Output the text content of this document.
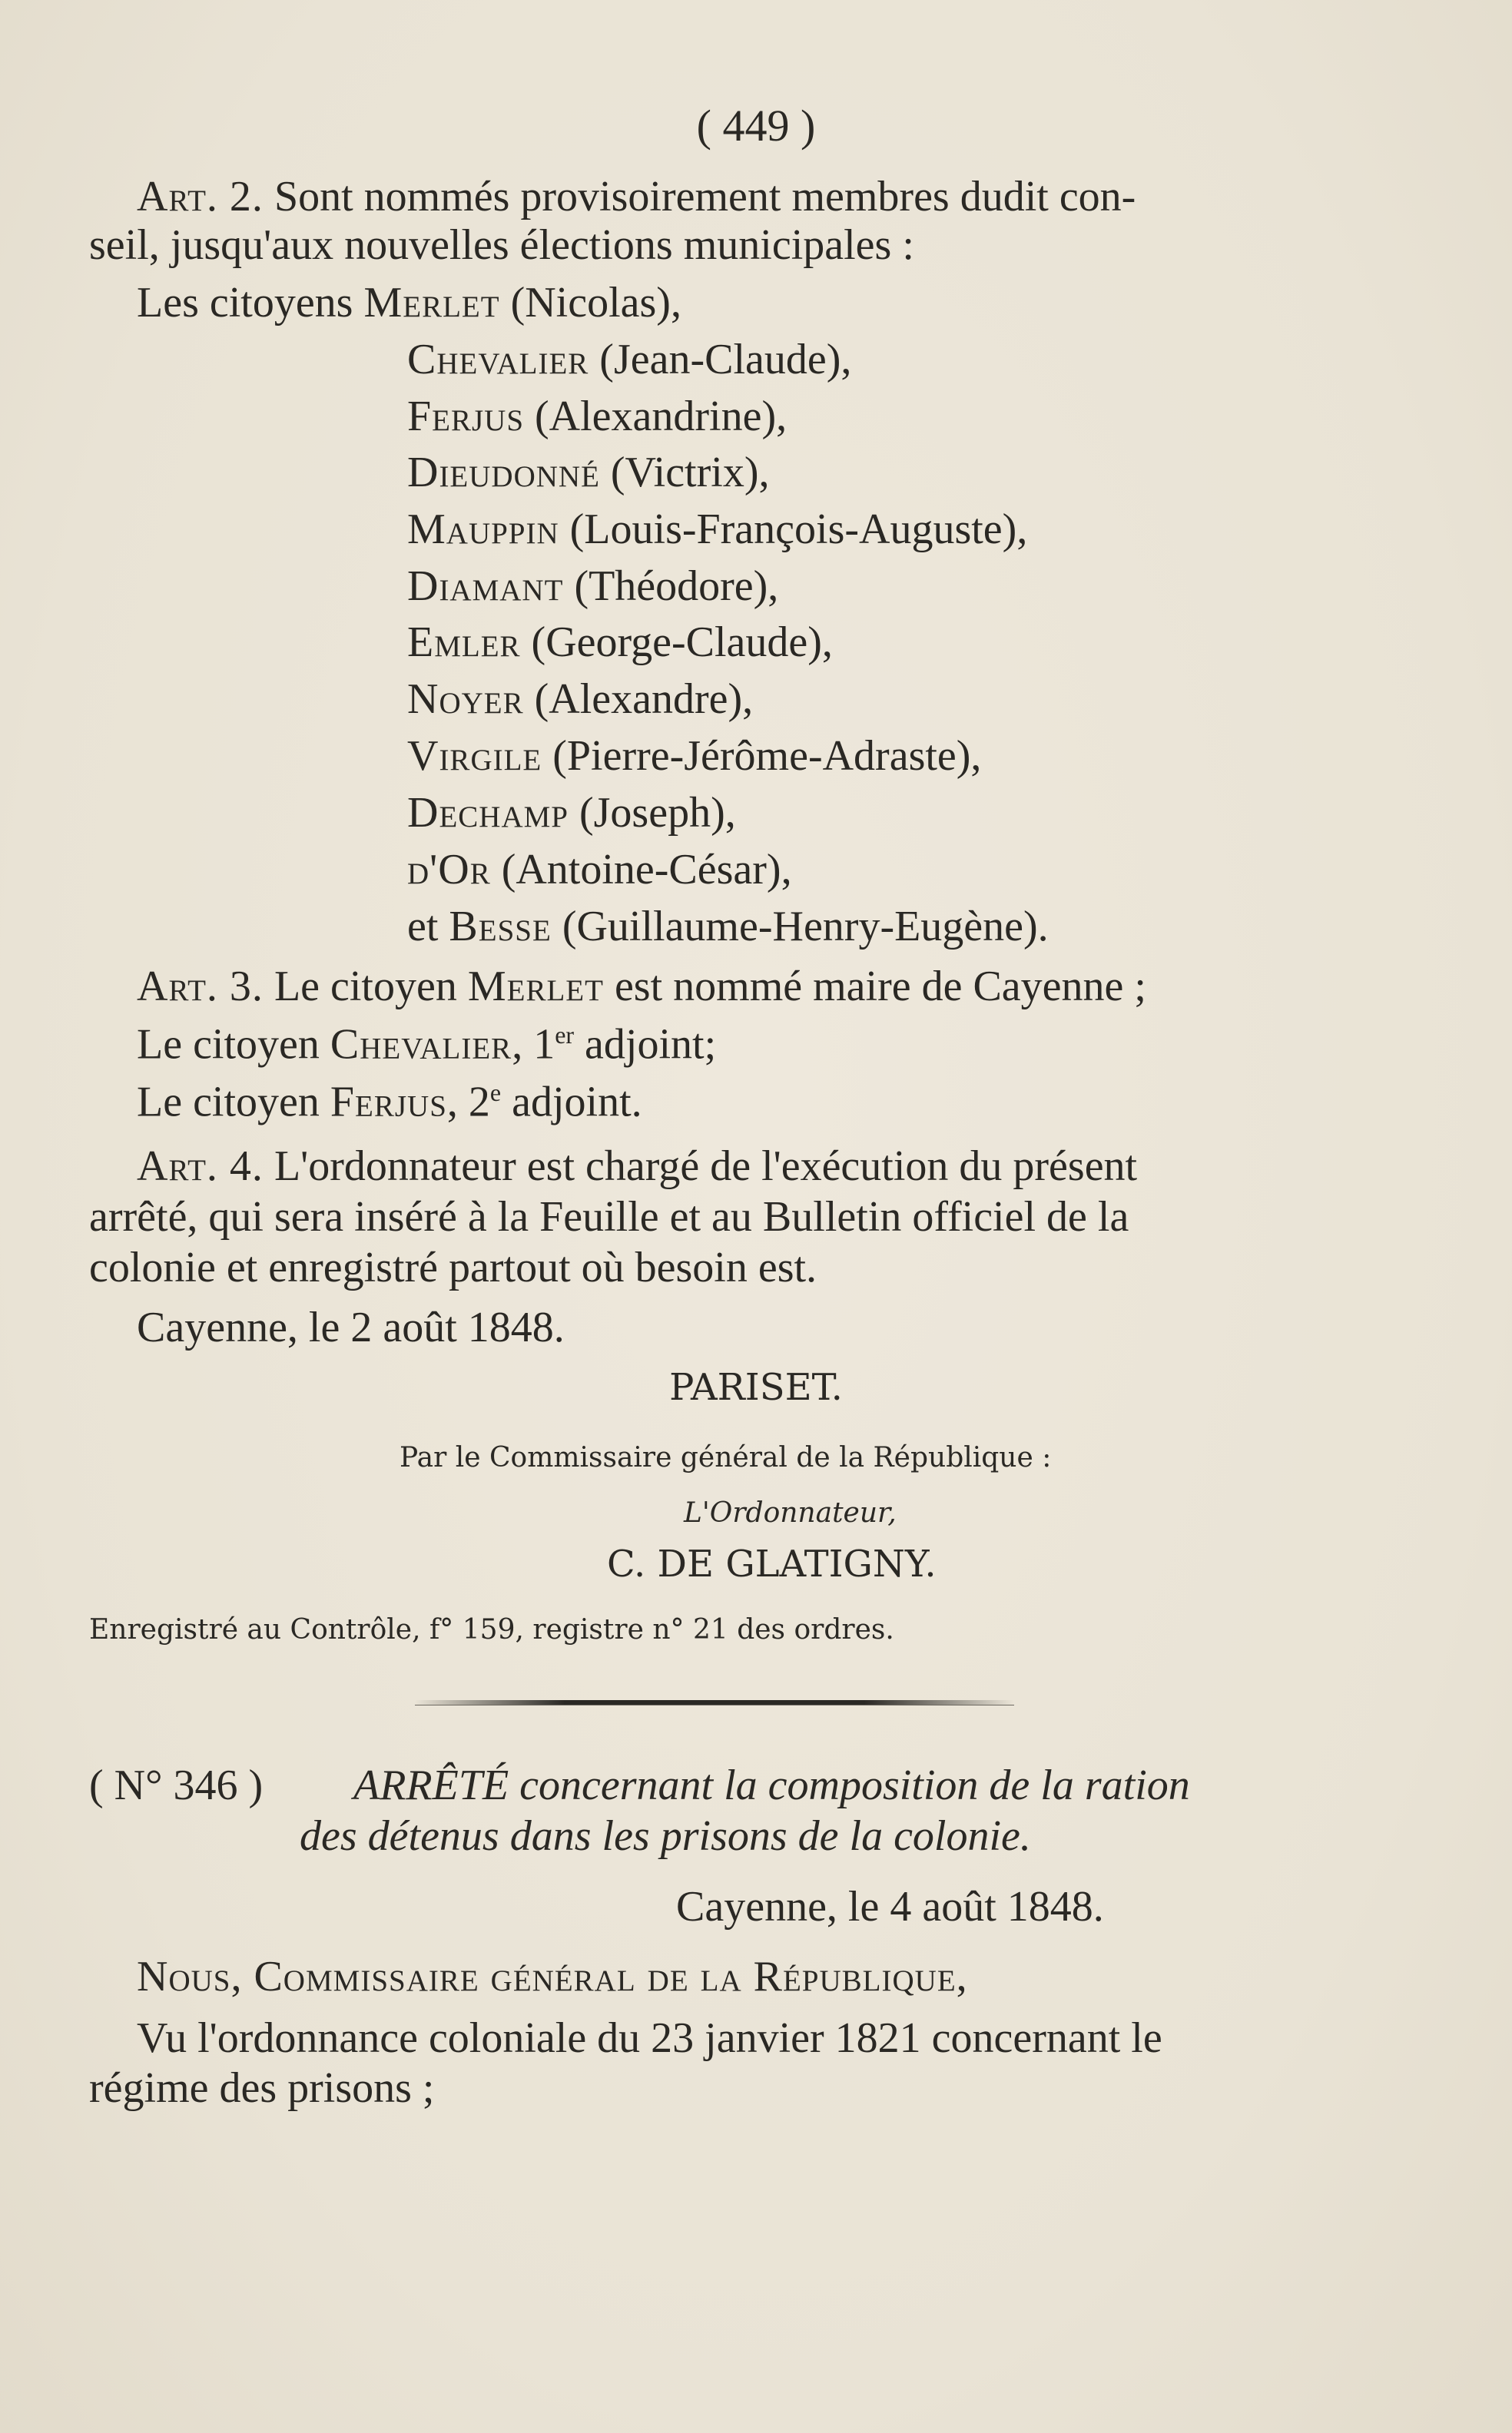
( 449 )
Art. 2. Sont nommés provisoirement membres dudit con-
seil, jusqu'aux nouvelles élections municipales :
Les citoyens Merlet (Nicolas),
Chevalier (Jean-Claude),
Ferjus (Alexandrine),
Dieudonné (Victrix),
Mauppin (Louis-François-Auguste),
Diamant (Théodore),
Emler (George-Claude),
Noyer (Alexandre),
Virgile (Pierre-Jérôme-Adraste),
Dechamp (Joseph),
d'Or (Antoine-César),
et Besse (Guillaume-Henry-Eugène).
Art. 3. Le citoyen Merlet est nommé maire de Cayenne ;
Le citoyen Chevalier, 1er adjoint;
Le citoyen Ferjus, 2e adjoint.
Art. 4. L'ordonnateur est chargé de l'exécution du présent
arrêté, qui sera inséré à la Feuille et au Bulletin officiel de la
colonie et enregistré partout où besoin est.
Cayenne, le 2 août 1848.
PARISET.
Par le Commissaire général de la République :
L'Ordonnateur,
C. DE GLATIGNY.
Enregistré au Contrôle, f° 159, registre n° 21 des ordres.
( N° 346 ) ARRÊTÉ concernant la composition de la ration
des détenus dans les prisons de la colonie.
Cayenne, le 4 août 1848.
Nous, Commissaire général de la République,
Vu l'ordonnance coloniale du 23 janvier 1821 concernant le
régime des prisons ;
